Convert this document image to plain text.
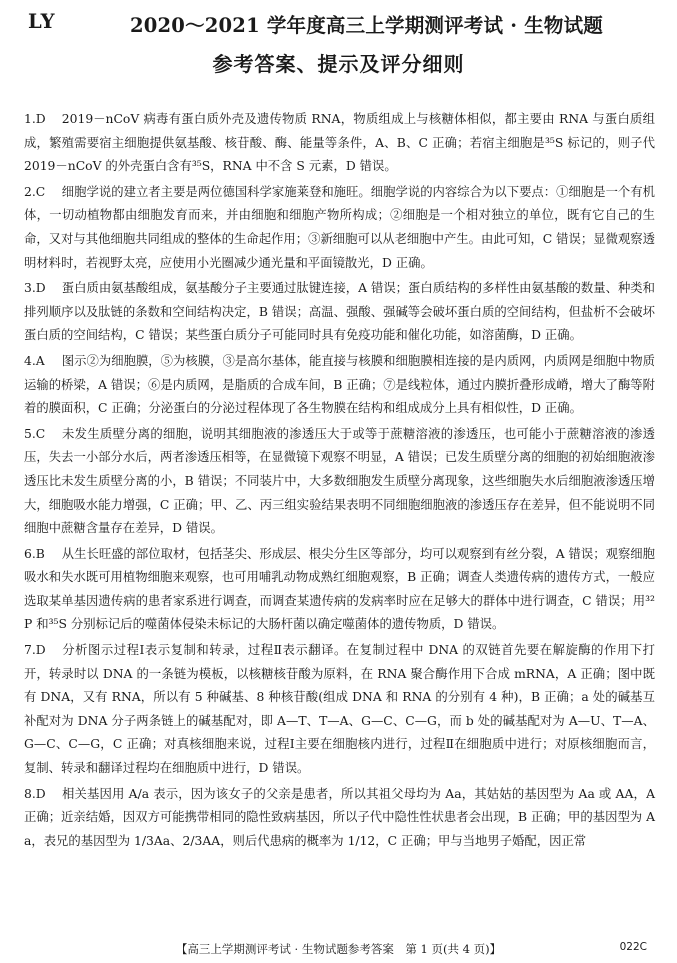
LY	2020～2021 学年度高三上学期测评考试 · 生物试题
参考答案、提示及评分细则
1.D 2019－nCoV 病毒有蛋白质外壳及遗传物质 RNA，物质组成上与核糖体相似，都主要由 RNA 与蛋白质组成，繁殖需要宿主细胞提供氨基酸、核苷酸、酶、能量等条件，A、B、C 正确；若宿主细胞是³⁵S 标记的，则子代 2019－nCoV 的外壳蛋白含有³⁵S，RNA 中不含 S 元素，D 错误。
2.C 细胞学说的建立者主要是两位德国科学家施莱登和施旺。细胞学说的内容综合为以下要点：①细胞是一个有机体，一切动植物都由细胞发育而来，并由细胞和细胞产物所构成；②细胞是一个相对独立的单位，既有它自己的生命，又对与其他细胞共同组成的整体的生命起作用；③新细胞可以从老细胞中产生。由此可知，C 错误；显微观察透明材料时，若视野太亮，应使用小光圈减少通光量和平面镜散光，D 正确。
3.D 蛋白质由氨基酸组成，氨基酸分子主要通过肽键连接，A 错误；蛋白质结构的多样性由氨基酸的数量、种类和排列顺序以及肽链的条数和空间结构决定，B 错误；高温、强酸、强碱等会破坏蛋白质的空间结构，但盐析不会破坏蛋白质的空间结构，C 错误；某些蛋白质分子可能同时具有免疫功能和催化功能，如溶菌酶，D 正确。
4.A 图示②为细胞膜，⑤为核膜，③是高尔基体，能直接与核膜和细胞膜相连接的是内质网，内质网是细胞中物质运输的桥梁，A 错误；⑥是内质网，是脂质的合成车间，B 正确；⑦是线粒体，通过内膜折叠形成嵴，增大了酶等附着的膜面积，C 正确；分泌蛋白的分泌过程体现了各生物膜在结构和组成成分上具有相似性，D 正确。
5.C 未发生质壁分离的细胞，说明其细胞液的渗透压大于或等于蔗糖溶液的渗透压，也可能小于蔗糖溶液的渗透压，失去一小部分水后，两者渗透压相等，在显微镜下观察不明显，A 错误；已发生质壁分离的细胞的初始细胞液渗透压比未发生质壁分离的小，B 错误；不同装片中，大多数细胞发生质壁分离现象，这些细胞失水后细胞液渗透压增大，细胞吸水能力增强，C 正确；甲、乙、丙三组实验结果表明不同细胞细胞液的渗透压存在差异，但不能说明不同细胞中蔗糖含量存在差异，D 错误。
6.B 从生长旺盛的部位取材，包括茎尖、形成层、根尖分生区等部分，均可以观察到有丝分裂，A 错误；观察细胞吸水和失水既可用植物细胞来观察，也可用哺乳动物成熟红细胞观察，B 正确；调查人类遗传病的遗传方式，一般应选取某单基因遗传病的患者家系进行调查，而调查某遗传病的发病率时应在足够大的群体中进行调查，C 错误；用³²P 和³⁵S 分别标记后的噬菌体侵染未标记的大肠杆菌以确定噬菌体的遗传物质，D 错误。
7.D 分析图示过程Ⅰ表示复制和转录，过程Ⅱ表示翻译。在复制过程中 DNA 的双链首先要在解旋酶的作用下打开，转录时以 DNA 的一条链为模板，以核糖核苷酸为原料，在 RNA 聚合酶作用下合成 mRNA，A 正确；图中既有 DNA，又有 RNA，所以有 5 种碱基、8 种核苷酸(组成 DNA 和 RNA 的分别有 4 种)，B 正确；a 处的碱基互补配对为 DNA 分子两条链上的碱基配对，即 A—T、T—A、G—C、C—G，而 b 处的碱基配对为 A—U、T—A、G—C、C—G，C 正确；对真核细胞来说，过程Ⅰ主要在细胞核内进行，过程Ⅱ在细胞质中进行；对原核细胞而言，复制、转录和翻译过程均在细胞质中进行，D 错误。
8.D 相关基因用 A/a 表示，因为该女子的父亲是患者，所以其祖父母均为 Aa，其姑姑的基因型为 Aa 或 AA，A 正确；近亲结婚，因双方可能携带相同的隐性致病基因，所以子代中隐性性状患者会出现，B 正确；甲的基因型为 Aa，表兄的基因型为 1/3Aa、2/3AA，则后代患病的概率为 1/12，C 正确；甲与当地男子婚配，因正常
【高三上学期测评考试 · 生物试题参考答案　第 1 页(共 4 页)】	022C
